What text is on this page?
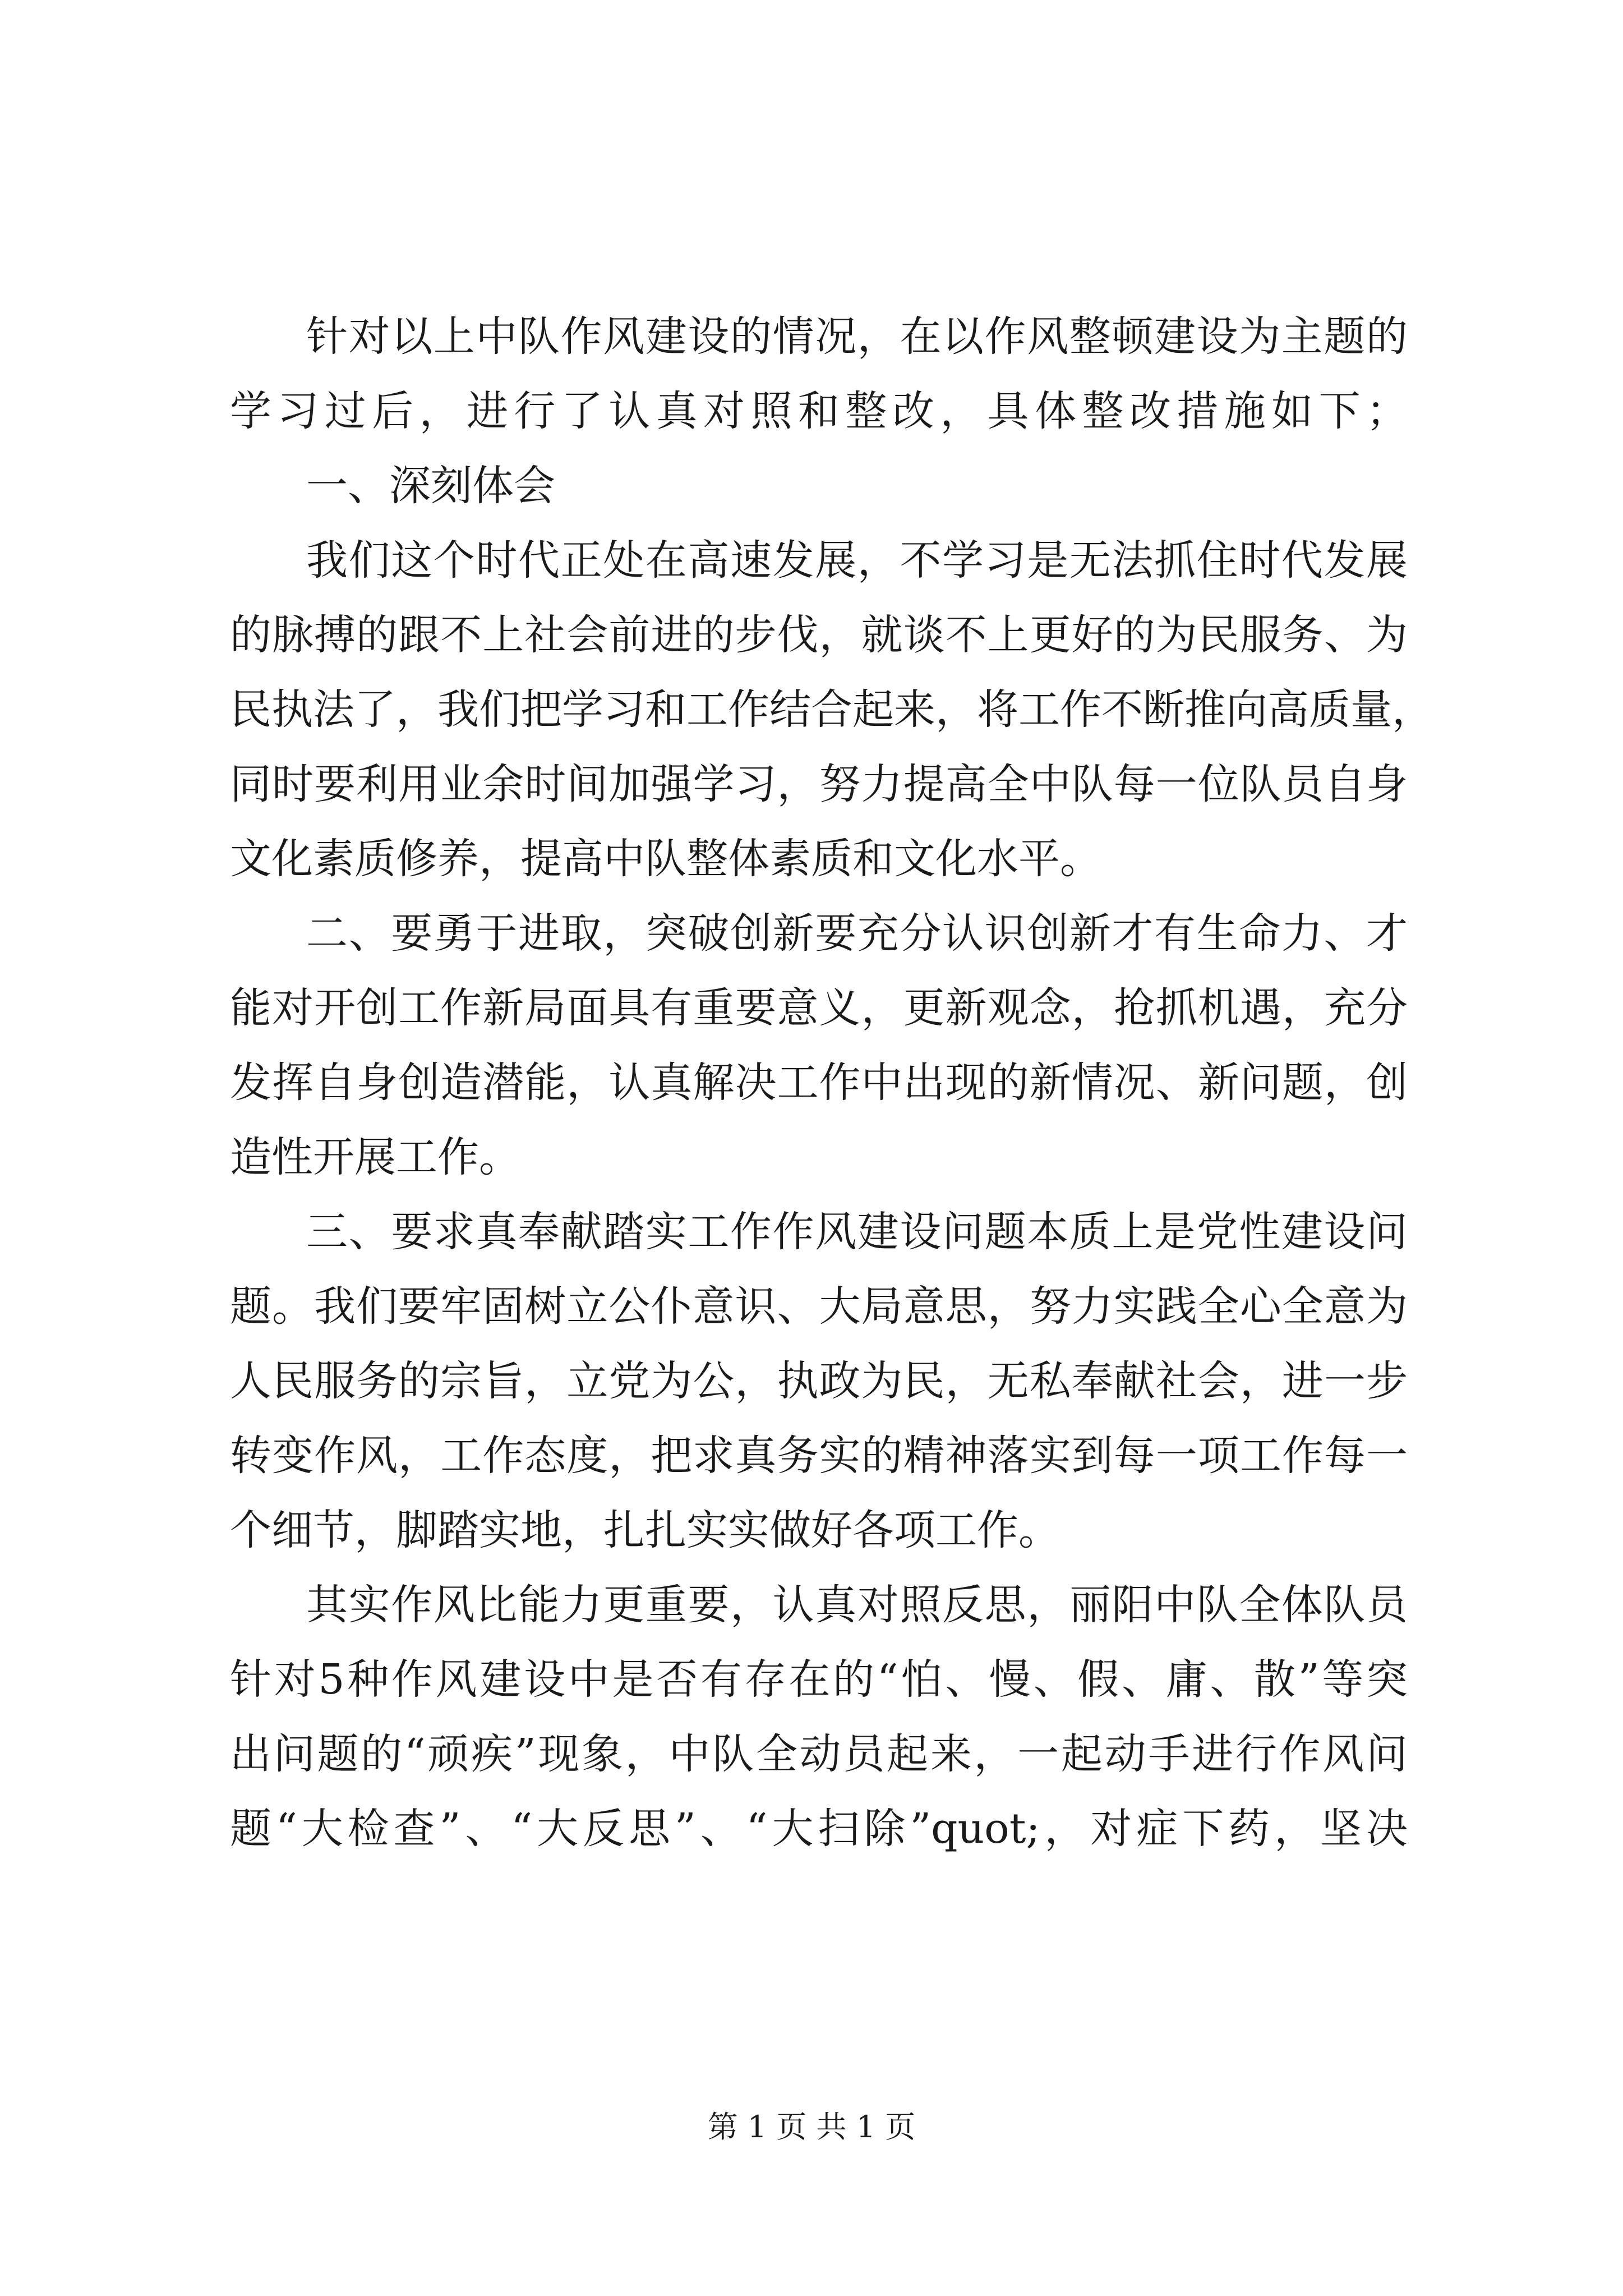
针对以上中队作风建设的情况，在以作风整顿建设为主题的
学习过后，进行了认真对照和整改，具体整改措施如下；
一、深刻体会
我们这个时代正处在高速发展，不学习是无法抓住时代发展
的脉搏的跟不上社会前进的步伐，就谈不上更好的为民服务、为
民执法了，我们把学习和工作结合起来，将工作不断推向高质量，
同时要利用业余时间加强学习，努力提高全中队每一位队员自身
文化素质修养，提高中队整体素质和文化水平。
二、要勇于进取，突破创新要充分认识创新才有生命力、才
能对开创工作新局面具有重要意义，更新观念，抢抓机遇，充分
发挥自身创造潜能，认真解决工作中出现的新情况、新问题，创
造性开展工作。
三、要求真奉献踏实工作作风建设问题本质上是党性建设问
题。我们要牢固树立公仆意识、大局意思，努力实践全心全意为
人民服务的宗旨，立党为公，执政为民，无私奉献社会，进一步
转变作风，工作态度，把求真务实的精神落实到每一项工作每一
个细节，脚踏实地，扎扎实实做好各项工作。
其实作风比能力更重要，认真对照反思，丽阳中队全体队员
针对5种作风建设中是否有存在的“怕、慢、假、庸、散”等突
出问题的“顽疾”现象，中队全动员起来，一起动手进行作风问
题“大检查”、“大反思”、“大扫除”quot;，对症下药，坚决
第 1 页 共 1 页
